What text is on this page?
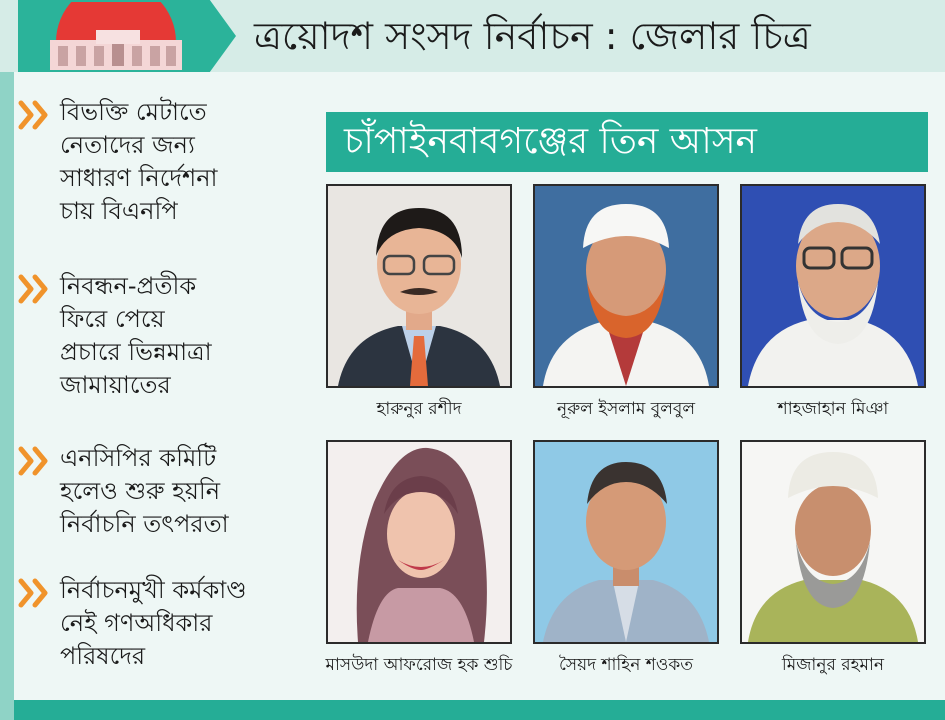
ত্রয়োদশ সংসদ নির্বাচন : জেলার চিত্র
বিভক্তি মেটাতে
নেতাদের জন্য
সাধারণ নির্দেশনা
চায় বিএনপি
নিবন্ধন-প্রতীক
ফিরে পেয়ে
প্রচারে ভিন্নমাত্রা
জামায়াতের
এনসিপির কমিটি
হলেও শুরু হয়নি
নির্বাচনি তৎপরতা
নির্বাচনমুখী কর্মকাণ্ড
নেই গণঅধিকার
পরিষদের
চাঁপাইনবাবগঞ্জের তিন আসন
হারুনুর রশীদ	নূরুল ইসলাম বুলবুল	শাহজাহান মিঞা
মাসউদা আফরোজ হক শুচি	সৈয়দ শাহিন শওকত	মিজানুর রহমান
